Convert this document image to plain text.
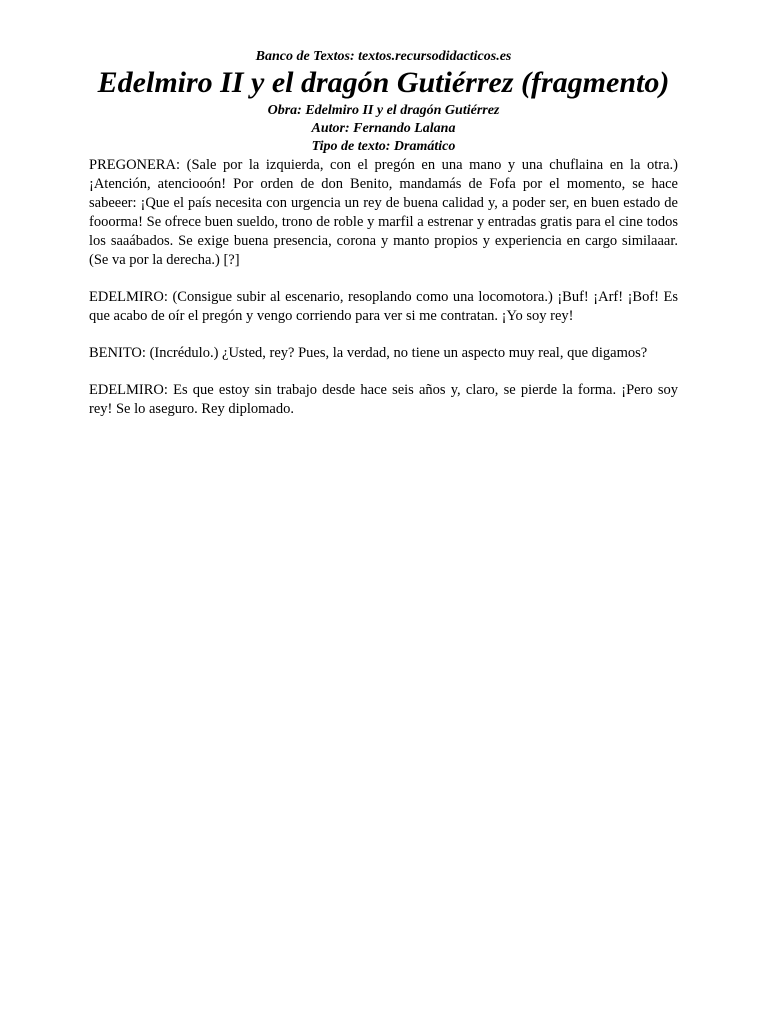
Banco de Textos: textos.recursodidacticos.es

Edelmiro II y el dragón Gutiérrez (fragmento)

Obra: Edelmiro II y el dragón Gutiérrez

Autor: Fernando Lalana

Tipo de texto: Dramático

PREGONERA: (Sale por la izquierda, con el pregón en una mano y una chuflaina en la otra.) ¡Atención, atenciooón! Por orden de don Benito, mandamás de Fofa por el momento, se hace sabeeer: ¡Que el país necesita con urgencia un rey de buena calidad y, a poder ser, en buen estado de fooorma! Se ofrece buen sueldo, trono de roble y marfil a estrenar y entradas gratis para el cine todos los saaábados. Se exige buena presencia, corona y manto propios y experiencia en cargo similaaar. (Se va por la derecha.) [?]

EDELMIRO: (Consigue subir al escenario, resoplando como una locomotora.) ¡Buf! ¡Arf! ¡Bof! Es que acabo de oír el pregón y vengo corriendo para ver si me contratan. ¡Yo soy rey!

BENITO: (Incrédulo.) ¿Usted, rey? Pues, la verdad, no tiene un aspecto muy real, que digamos?

EDELMIRO: Es que estoy sin trabajo desde hace seis años y, claro, se pierde la forma. ¡Pero soy rey! Se lo aseguro. Rey diplomado.
